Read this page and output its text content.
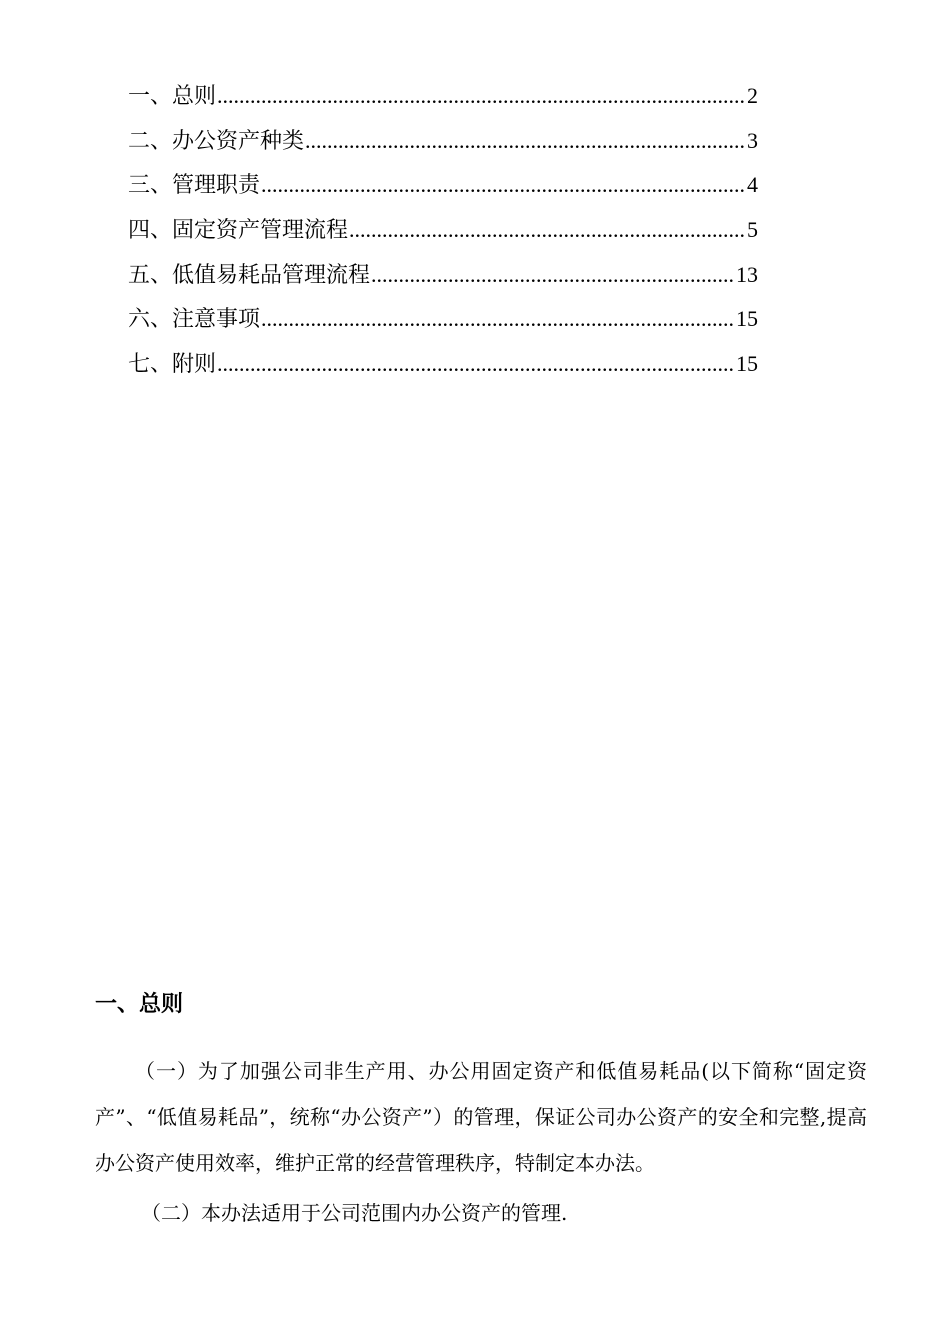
一、总则 .....	2
二、办公资产种类 .....	3
三、管理职责 .....	4
四、固定资产管理流程 .....	5
五、低值易耗品管理流程 .....	13
六、注意事项 .....	15
七、附则 .....	15
一、总则

（一）为了加强公司非生产用、办公用固定资产和低值易耗品(以下简称“固定资产”、“低值易耗品”，统称“办公资产”）的管理，保证公司办公资产的安全和完整,提高办公资产使用效率，维护正常的经营管理秩序，特制定本办法。

（二）本办法适用于公司范围内办公资产的管理.
